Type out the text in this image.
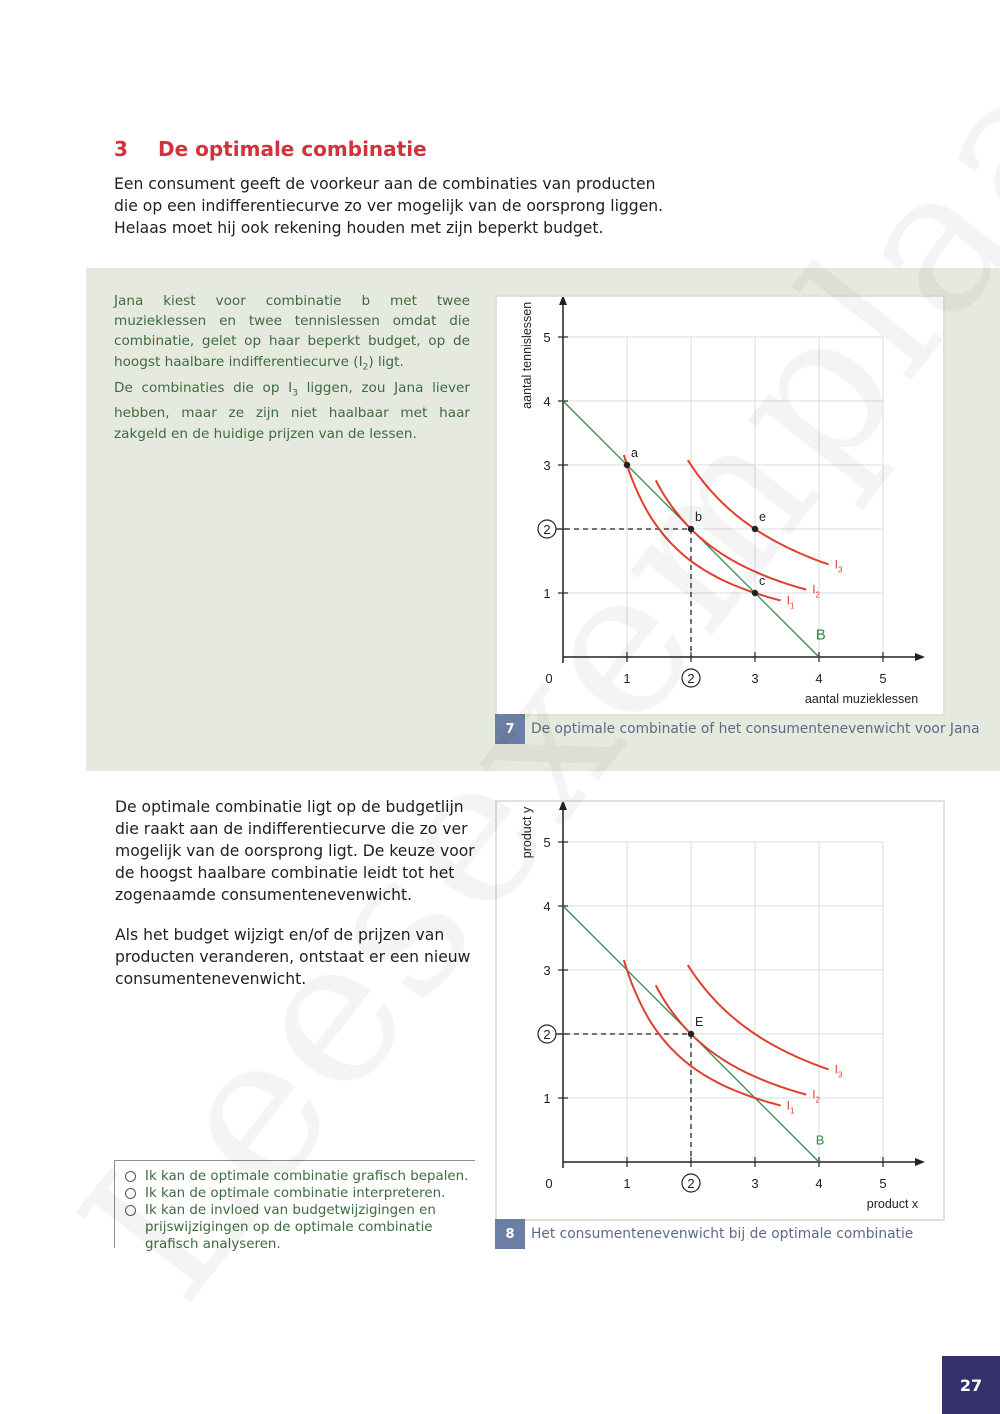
3 De optimale combinatie
Een consument geeft de voorkeur aan de combinaties van producten die op een indifferentiecurve zo ver mogelijk van de oorsprong liggen. Helaas moet hij ook rekening houden met zijn beperkt budget.

Jana kiest voor combinatie b met twee muzieklessen en twee tennislessen omdat die combinatie, gelet op haar beperkt budget, op de hoogst haalbare indifferentiecurve $(I_2)$ ligt.

De combinaties die op $I_3$ liggen, zou Jana liever hebben, maar ze zijn niet haalbaar met haar zakgeld en de huidige prijzen van de lessen.

0	1	2	3	4	5
1
2
3
4
5
aantal muzieklessen
aantal tennislessen
B
$I_1$
$I_2$
$I_3$
a
b
c
e
7	De optimale combinatie of het consumentenevenwicht voor Jana

De optimale combinatie ligt op de budgetlijn die raakt aan de indifferentiecurve die zo ver mogelijk van de oorsprong ligt. De keuze voor de hoogst haalbare combinatie leidt tot het zogenaamde consumentenevenwicht.

Als het budget wijzigt en/of de prijzen van producten veranderen, ontstaat er een nieuw consumentenevenwicht.

0	1	2	3	4	5
1
2
3
4
5
product x
product y
B
$I_1$
$I_2$
$I_3$
E
8	Het consumentenevenwicht bij de optimale combinatie
Ik kan de optimale combinatie grafisch bepalen.
Ik kan de optimale combinatie interpreteren.
Ik kan de invloed van budgetwijzigingen en prijswijzigingen op de optimale combinatie grafisch analyseren.
27
